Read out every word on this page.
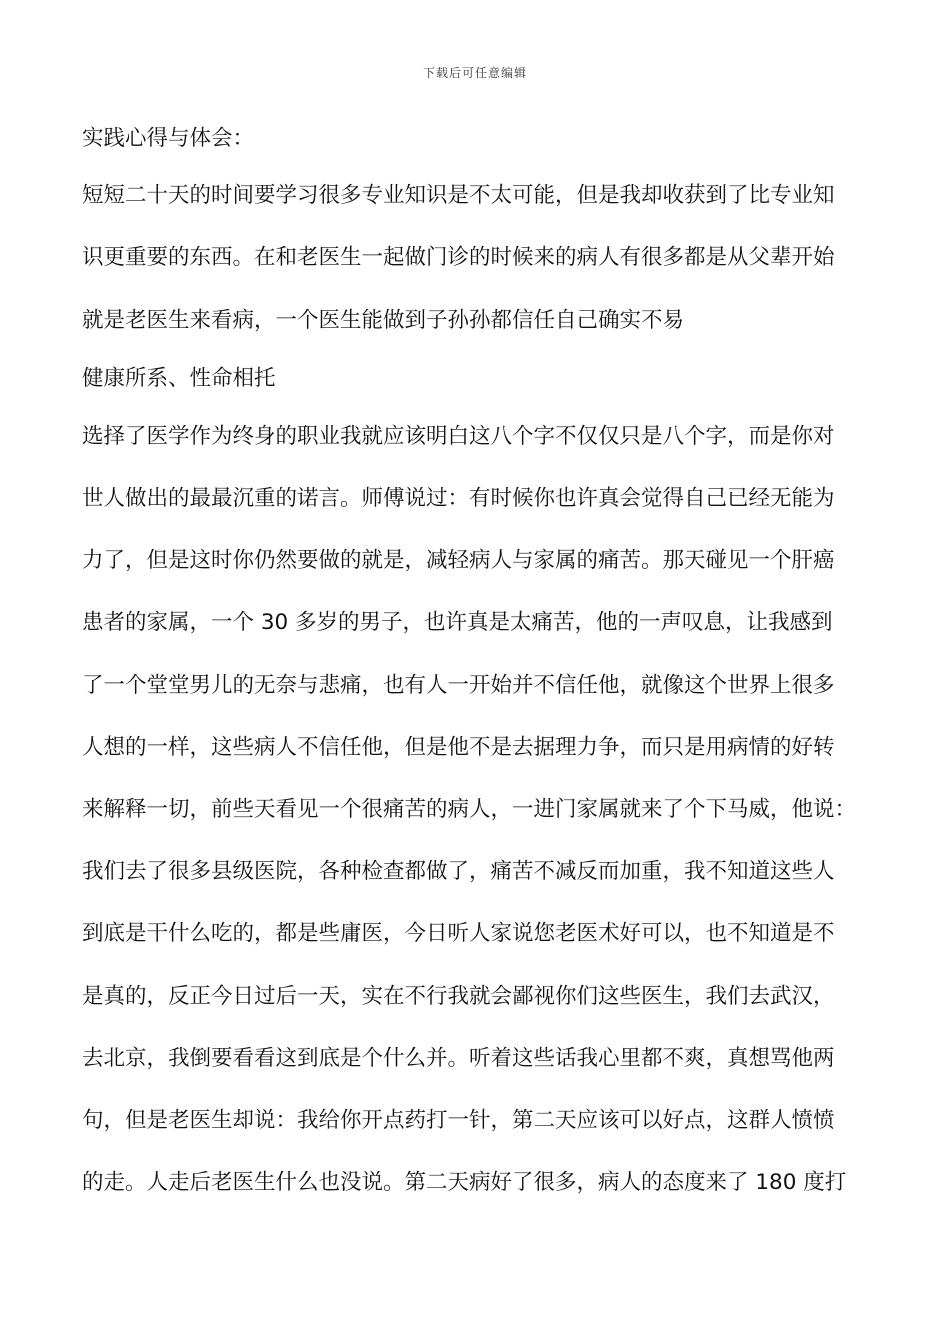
下载后可任意编辑
实践心得与体会：
短短二十天的时间要学习很多专业知识是不太可能，但是我却收获到了比专业知
识更重要的东西。在和老医生一起做门诊的时候来的病人有很多都是从父辈开始
就是老医生来看病，一个医生能做到子孙孙都信任自己确实不易
健康所系、性命相托
选择了医学作为终身的职业我就应该明白这八个字不仅仅只是八个字，而是你对
世人做出的最最沉重的诺言。师傅说过：有时候你也许真会觉得自己已经无能为
力了，但是这时你仍然要做的就是，减轻病人与家属的痛苦。那天碰见一个肝癌
患者的家属，一个 30 多岁的男子，也许真是太痛苦，他的一声叹息，让我感到
了一个堂堂男儿的无奈与悲痛，也有人一开始并不信任他，就像这个世界上很多
人想的一样，这些病人不信任他，但是他不是去据理力争，而只是用病情的好转
来解释一切，前些天看见一个很痛苦的病人，一进门家属就来了个下马威，他说：
我们去了很多县级医院，各种检查都做了，痛苦不减反而加重，我不知道这些人
到底是干什么吃的，都是些庸医，今日听人家说您老医术好可以，也不知道是不
是真的，反正今日过后一天，实在不行我就会鄙视你们这些医生，我们去武汉，
去北京，我倒要看看这到底是个什么并。听着这些话我心里都不爽，真想骂他两
句，但是老医生却说：我给你开点药打一针，第二天应该可以好点，这群人愤愤
的走。人走后老医生什么也没说。第二天病好了很多，病人的态度来了 180 度打
